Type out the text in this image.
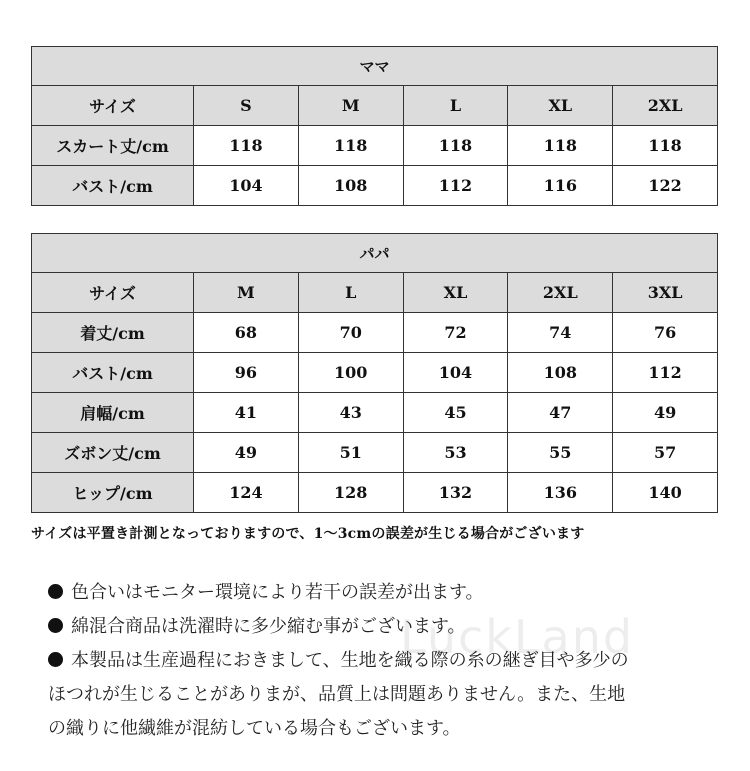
ママ					
サイズ	S	M	L	XL	2XL
スカート丈/cm	118	118	118	118	118
バスト/cm	104	108	112	116	122
パパ					
サイズ	M	L	XL	2XL	3XL
着丈/cm	68	70	72	74	76
バスト/cm	96	100	104	108	112
肩幅/cm	41	43	45	47	49
ズボン丈/cm	49	51	53	55	57
ヒップ/cm	124	128	132	136	140
サイズは平置き計測となっておりますので、1～3cmの誤差が生じる場合がございます
LuckLand
色合いはモニター環境により若干の誤差が出ます。
綿混合商品は洗濯時に多少縮む事がございます。
本製品は生産過程におきまして、生地を織る際の糸の継ぎ目や多少の
ほつれが生じることがありまが、品質上は問題ありません。また、生地
の織りに他繊維が混紡している場合もございます。
